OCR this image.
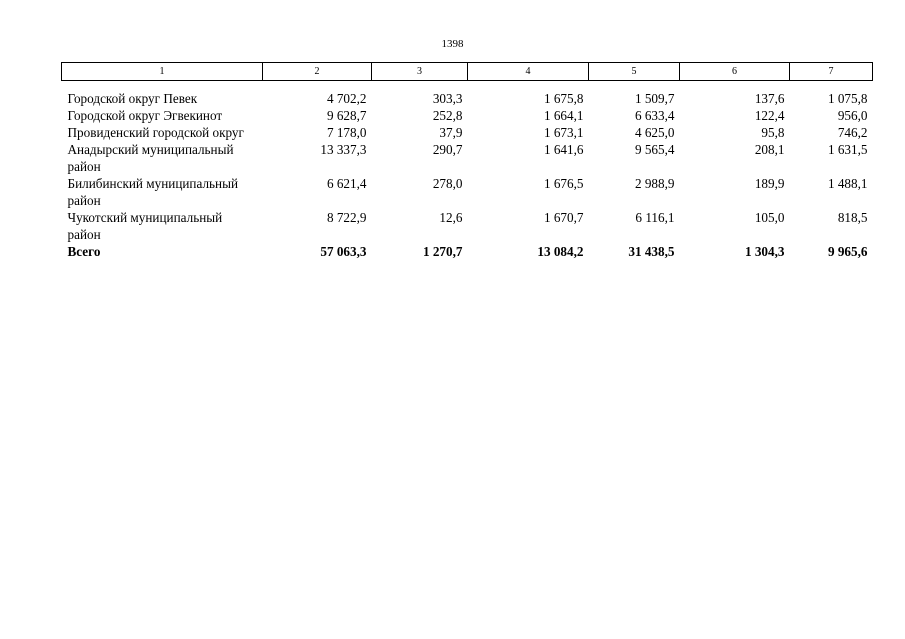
1398
1	2	3	4	5	6	7

Городской округ Певек	4 702,2	303,3	1 675,8	1 509,7	137,6	1 075,8
Городской округ Эгвекинот	9 628,7	252,8	1 664,1	6 633,4	122,4	956,0
Провиденский городской округ	7 178,0	37,9	1 673,1	4 625,0	95,8	746,2
Анадырский муниципальный район	13 337,3	290,7	1 641,6	9 565,4	208,1	1 631,5
Билибинский муниципальный район	6 621,4	278,0	1 676,5	2 988,9	189,9	1 488,1
Чукотский муниципальный район	8 722,9	12,6	1 670,7	6 116,1	105,0	818,5
Всего	57 063,3	1 270,7	13 084,2	31 438,5	1 304,3	9 965,6
